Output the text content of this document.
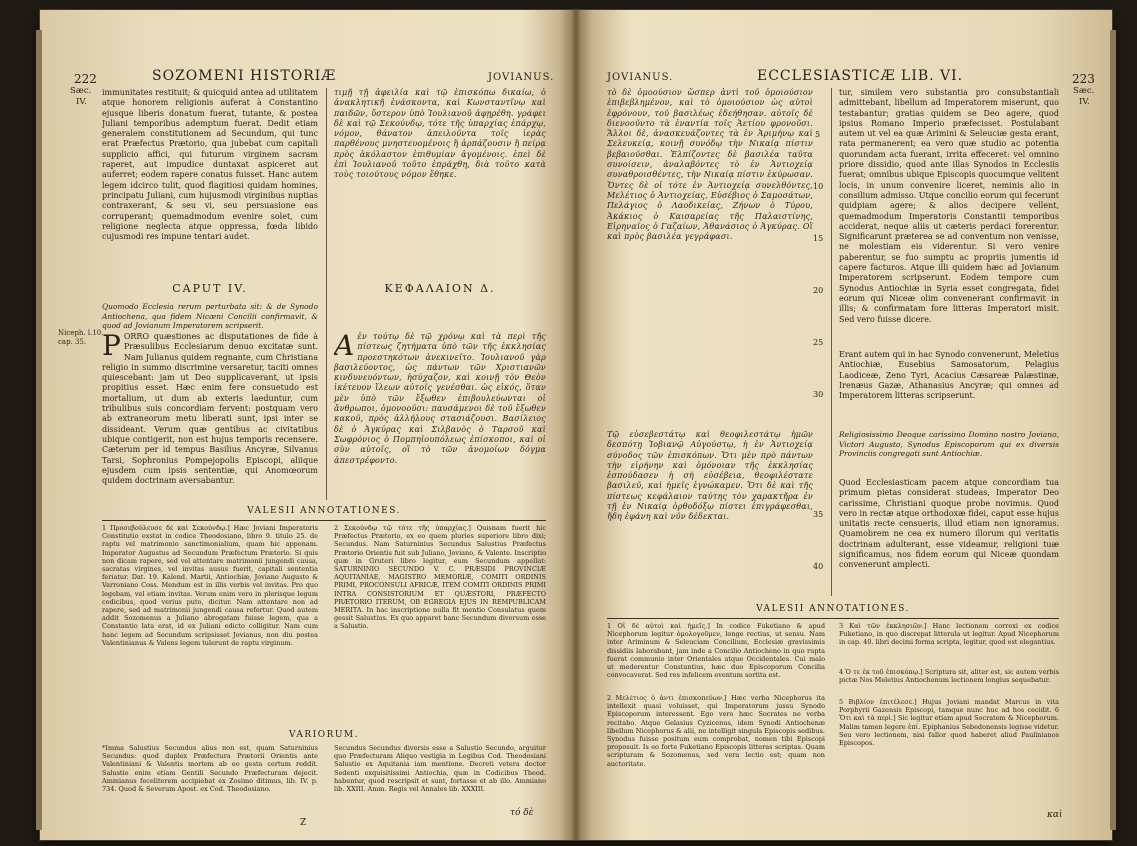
222	SOZOMENI HISTORIÆ	JOVIANUS.
Sæc.
IV.
Niceph. l.10.
cap. 35.
immunitates restituit; & quicquid antea ad utilitatem atque honorem religionis auferat à Constantino ejusque liberis donatum fuerat, tutante, & postea Juliani temporibus ademptum fuerat. Dedit etiam generalem constitutionem ad Secundum, qui tunc erat Præfectus Prætorio, qua jubebat cum capitali supplicio affici, qui futurum virginem sacram raperet, aut impudice duntaxat aspiceret aut auferret; eodem rapere conatus fuisset. Hanc autem legem idcirco tulit, quod flagitiosi quidam homines, principatu Juliani, cum hujusmodi virginibus nuptias contraxerant, & seu vi, seu persuasione eas corruperant; quemadmodum evenire solet, cum religione neglecta atque oppressa, fœda libido cujusmodi res impune tentari audet.
τιμῇ τῇ ἀφειλία καὶ τῷ ἐπισκόπω δικαίω, ὁ ἀνακλητικῆ ἐνάσκοντα, καὶ Κωνσταντῖνῳ καὶ παιδῶν, ὕστερον ὑπὸ Ἰουλιανοῦ ἀφῃρέθη. γράφει δὲ καὶ τῷ Σεκούνδῳ, τότε τῆς ὑπαρχίας ἐπάρχῳ, νόμον, θάνατον ἀπειλοῦντα τοῖς ἱερὰς παρθένους μνηστευομένοις ἢ ἁρπάζουσιν ἢ πείρᾳ πρὸς ἀκόλαστον ἐπιθυμίαν ἀγομένοις. ἐπεὶ δὲ ἐπὶ Ἰουλιανοῦ τοῦτο ἐπράχθη, διὰ τοῦτο κατὰ τοὺς τοιούτους νόμον ἔθηκε.
CAPUT IV.	ΚΕΦΑΛΑΙΟΝ Δ.
Quomodo Ecclesia rerum perturbata sit: & de Synodo Antiochena, qua fidem Nicæni Concilii confirmavit, & quod ad Jovianum Imperatorem scripserit.
PORRO quæstiones ac disputationes de fide à Præsulibus Ecclesiarum denuo excitatæ sunt. Nam Julianus quidem regnante, cum Christiana religio in summo discrimine versaretur, taciti omnes quiescebant: jam ut Deo supplicaverant, ut ipsis propitius esset. Hæc enim fere consuetudo est mortalium, ut dum ab exteris laeduntur, cum tribulibus suis concordiam fervent: postquam vero ab extraneorum metu liberati sunt, ipsi inter se dissideant. Verum quæ gentibus ac civitatibus ubique contigerit, non est hujus temporis recensere. Cæterum per id tempus Basilius Ancyræ, Silvanus Tarsi, Sophronius Pompejopolis Episcopi, aliique ejusdem cum ipsis sententiæ, qui Anomœorum quidem doctrinam aversabantur.
Αἐν τούτῳ δὲ τῷ χρόνῳ καὶ τὰ περὶ τῆς πίστεως ζητήματα ὑπὸ τῶν τῆς ἐκκλησίας προεστηκότων ἀνεκινεῖτο. Ἰουλιανοῦ γὰρ βασιλεύοντος, ὡς πάντων τῶν Χριστιανῶν κινδυνευόντων, ἡσύχαζον, καὶ κοινῇ τὸν Θεὸν ἱκέτευον ἵλεων αὐτοῖς γενέσθαι. ὡς εἰκός, ὅταν μὲν ὑπὸ τῶν ἔξωθεν ἐπιβουλεύωνται οἱ ἄνθρωποι, ὁμονοοῦσι: παυσάμενοι δὲ τοῦ ἔξωθεν κακοῦ, πρὸς ἀλλήλους στασιάζουσι. Βασίλειος δὲ ὁ Ἀγκύρας καὶ Σιλβανὸς ὁ Ταρσοῦ καὶ Σωφρόνιος ὁ Πομπηϊουπόλεως ἐπίσκοποι, καὶ οἱ σὺν αὐτοῖς, οἳ τὸ τῶν ἀνομοίων δόγμα ἀπεστρέφοντο.
VALESII ANNOTATIONES.
1 Προσεβούλευσε δὲ καὶ Σεκούνδῳ.] Hæc Joviani Imperatoris Constitutio exstat in codice Theodosiano, libro 9. titulo 25. de raptu vel matrimonio sanctimonialium, quam hic apponam. Imperator Augustus ad Secundum Præfectum Prætorio. Si quis non dicam rapere, sed vel attentare matrimonii jungendi causa, sacratas virgines, vel invitas ausus fuerit, capitali sententia feriatur. Dat. 19. Kalend. Martii, Antiochiæ, Joviano Augusto & Varroniano Coss. Mendum est in illis verbis vel invitas. Pro quo legebam, vel etiam invitas. Verum enim vero in plerisque legum codicibus, quod verius puto, dicitur. Nam attentare non ad rapere, sed ad matrimonii jungendi causa refertur. Quod autem addit Sozomenus a Juliano abrogatam fuisse legem, qua a Constantio lata erat, id ex Juliani edicto colligitur. Nam cum hanc legem ad Secundum scripsisset Jovianus, non diu postea Valentinianus & Valens legem tulerunt de raptu virginum.
2 Σεκούνδῳ τῷ τότε τῆς ὑπαρχίας.] Quisnam fuerit hic Præfectus Prætorio, ex eo quem pluries superiore libro dixi; Secundus. Nam Saturninius Secundus Salustius Præfectus Prætorio Orientis fuit sub Juliano, Joviano, & Valente. Inscriptio quæ in Gruteri libro legitur, eum Secundum appellat: SATURNINIO SECUNDO V. C. PRÆSIDI PROVINCIÆ AQUITANIAE, MAGISTRO MEMORIÆ, COMITI ORDINIS PRIMI, PROCONSULI AFRICÆ, ITEM COMITI ORDINIS PRIMI INTRA CONSISTORIUM ET QUÆSTORI, PRÆFECTO PRÆTORIO ITERUM, OB EGREGIA EJUS IN REMPUBLICAM MERITA. In hac inscriptione nulla fit mentio Consulatus quem gessit Salustius. Ex quo apparet hanc Secundum diversum esse a Salustio.
VARIORUM.
*Imma Salustius Secundus alius non est, quam Saturninius Secundus: quod duplex Præfectura Prætorii Orientis ante Valentiniani & Valentis mortem ab eo gesta certum reddit. Salustio enim etiam Gentili Secundo Præfecturam dejecit. Ammianus feceliterem accipiebat ex Zosimo ditimus, lib. IV. p. 734. Quod & Severum Apost. ex Cod. Theodosiano.
Secundus Secundus diversis esse a Salustio Secundo, arguitur quo Præfecturam Aliquo vestigia in Legibus Cod. Theodosiani Salustio ex Aquitania iam mentione. Decreti vetera doctor Sedenti exquisitissimi Antiochia, quæ in Codicibus Theod. habentur, quod rescripsit et sunt, fortasse et ab illo. Ammiano lib. XXIII. Amm. Regis vel Annales lib. XXXIII.
τό δὲ
Z
JOVIANUS.	ECCLESIASTICÆ LIB. VI.	223
Sæc.
IV.
τὸ δὲ ὁμοούσιον ὥσπερ ἀντὶ τοῦ ὁμοιούσιον ἐπιβεβλημένον, καὶ τὸ ὁμοιούσιον ὡς αὐτοὶ ἐφρόνουν, τοῦ βασιλέως ἐδεήθησαν. αὐτοῖς δὲ διενοοῦντο τὰ ἐναντία τοῖς Ἀετίου φρονοῦσι. Ἄλλοι δὲ, ἀνασκευάζοντες τὰ ἐν Ἀριμήνῳ καὶ Σελευκείᾳ, κοινῇ συνόδῳ τὴν Νικαίᾳ πίστιν βεβαιοῦσθαι. Ἐλπίζοντες δὲ βασιλέα ταῦτα συνοίσειν, ἀναλαβόντες τὸ ἐν Ἀντιοχείᾳ συναθροισθέντες, τὴν Νικαίᾳ πίστιν ἐκύρωσαν. Ὄντες δὲ οἱ τότε ἐν Ἀντιοχείᾳ συνελθόντες, Μελέτιος ὁ Ἀντιοχείας, Εὐσέβιος ὁ Σαμοσάτων, Πελάγιος ὁ Λαοδικείας, Ζήνων ὁ Τύρου, Ἀκάκιος ὁ Καισαρείας τῆς Παλαιστίνης, Εἰρηναῖος ὁ Γαζαίων, Ἀθανάσιος ὁ Ἀγκύρας. Οἳ καὶ πρὸς βασιλέα γεγράφασι.
tur, similem vero substantia pro consubstantiali admittebant, libellum ad Imperatorem miserunt, quo testabantur; gratias quidem se Deo agere, quod ipsius Romano Imperio præfecisset. Postulabant autem ut vel ea quæ Arimini & Seleuciæ gesta erant, rata permanerent; ea vero quæ studio ac potentia quorundam acta fuerant, irrita effeceret: vel omnino priore dissidio, quod ante illas Synodos in Ecclesiis fuerat; omnibus ubique Episcopis quocumque velitent locis, in unum convenire liceret, neminis alio in consilium admisso. Utque concilio eorum qui fecerunt quidpiam agere; & alios decipere vellent, quemadmodum Imperatoris Constantii temporibus acciderat, neque aliis ut cæteris perdaci forerentur. Significarunt præterea se ad conventum non venisse, ne molestiam eis viderentur. Si vero venire paberentur, se fuo sumptu ac propriis jumentis id capere facturos. Atque illi quidem hæc ad Jovianum Imperatorem scripserunt. Eodem tempore cum Synodus Antiochiæ in Syria esset congregata, fidei eorum qui Niceæ olim convenerant confirmavit in illis; & confirmatam fore litteras Imperatori misit. Sed vero fuisse dicere.
Erant autem qui in hac Synodo convenerunt, Meletius Antiochiæ, Eusebius Samosatorum, Pelagius Laodiceæ, Zeno Tyri, Acacius Cæsareæ Palæstinæ, Irenæus Gazæ, Athanasius Ancyræ; qui omnes ad Imperatorem litteras scripserunt.
Τῷ εὐσεβεστάτῳ καὶ θεοφιλεστάτῳ ἡμῶν δεσπότῃ Ἰοβιανῷ Αὐγούστῳ, ἡ ἐν Ἀντιοχείᾳ σύνοδος τῶν ἐπισκόπων. Ὅτι μὲν πρὸ πάντων τὴν εἰρήνην καὶ ὁμόνοιαν τῆς ἐκκλησίας ἐσπούδασεν ἡ σὴ εὐσέβεια, θεοφιλέστατε βασιλεῦ, καὶ ἡμεῖς ἐγνώκαμεν. Ὅτι δὲ καὶ τῆς πίστεως κεφάλαιον ταύτης τὸν χαρακτῆρα ἐν τῇ ἐν Νικαίᾳ ὀρθοδόξῳ πίστει ἐπιγράφεσθαι, ἤδη ἐφάνη καὶ νῦν δέδεκται.
Religiosissimo Deoque carissimo Domino nostro Joviano, Victori Augusto, Synodus Episcoporum qui ex diversis Provinciis congregati sunt Antiochiæ.
Quod Ecclesiasticam pacem atque concordiam tua primum pietas considerat studeas, Imperator Deo carissime, Christiani quoque probe novimus. Quod vero in rectæ atque orthodoxæ fidei, caput esse hujus unitatis recte censueris, illud etiam non ignoramus. Quamobrem ne cea ex numero illorum qui veritatis doctrinam adulterant, esse videamur, religioni tuæ significamus, nos fidem eorum qui Niceæ quondam convenerunt amplecti.
5
10
15
20
25
30
35
40
VALESII ANNOTATIONES.
1 Οἱ δὲ αὐτοὶ καὶ ἡμεῖς.] In codice Fuketiano & apud Nicephorum legitur ὁμολογοῦμεν, longe rectius, ut sensu. Nam inter Ariminum & Seleuciam Concilium, Ecclesiæ gravissimis dissidiis laborabant, jam inde a Concilio Antiocheno in quo rupta fuerat communio inter Orientales atque Occidentales. Cui malo ut mederentur Constantius, hæc duo Episcoporum Concilia convocaverat. Sed res infelicem eventum sortita est.
2 Μελέτιος ὁ ἀντι ἐπισκοπεύων.] Hæc verba Nicephorus ita intellexit quasi voluisset, qui Imperatorum jussu Synodo Episcoporum interessent. Ego vero hæc Socrates ne verba recitabo. Atque Gelasius Cyzicenus, idem Synodi Antiochenæ libellum Nicephorus & alii, ne intelligit singula Episcopis sedibus. Synodus fuisse positum eum comprobat, nomen tibi Episcopi proposuit. Is eo forte Fuketiano Episcopis litteras scriptas. Quam scripturam & Sozomenus, sed vera lectio est; quam non auctoritate.
3 Καὶ τῶν ἐκκλησιῶν.] Hanc lectionem correxi ex codice Fuketiano, in quo discrepat litterula ut legitur. Apud Nicephorum in cap. 40. libri decimi forma scripta, legitur, quod est elegantius.
4 Ὁ τε ἐκ τοῦ ἐπισκόπῳ.] Scriptura sit, aliter est, sic autem verbis pictæ Nos Meletius Antiochenum lectionem longius sequebatur.
5 Βιβλίον ἐπιτέλεσε.] Hujus Joviani mandat Marcus in vita Porphyrii Gazensis Episcopi, tamque nunc huc ad hos cecidit. 6 Ὅτι καὶ τὰ περὶ.] Sic legitur etiam apud Socratem & Nicephorum. Malim tamen legere ἐπί. Epiphanius Sebedonensis legisse videtur. Seu vero lectionem, nisi fallor quod haberet aliud Paulinianos Episcopos.
καὶ
